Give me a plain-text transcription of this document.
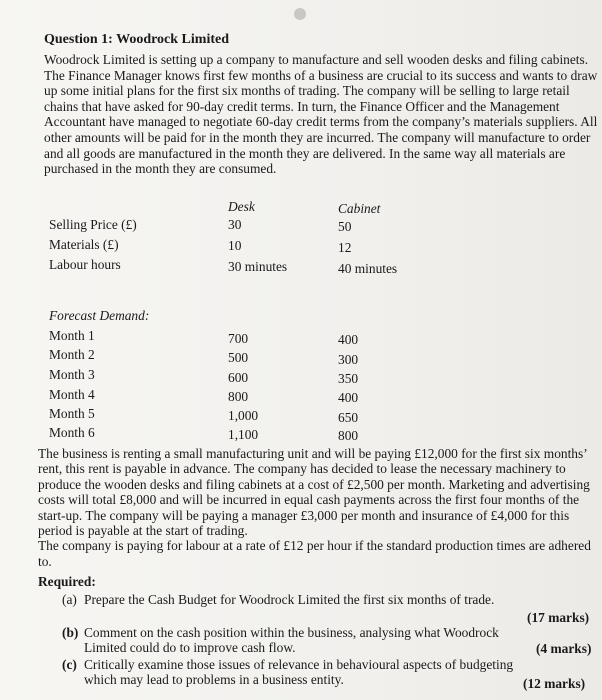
Question 1: Woodrock Limited
Woodrock Limited is setting up a company to manufacture and sell wooden desks and filing cabinets. The Finance Manager knows first few months of a business are crucial to its success and wants to draw up some initial plans for the first six months of trading. The company will be selling to large retail chains that have asked for 90-day credit terms. In turn, the Finance Officer and the Management Accountant have managed to negotiate 60-day credit terms from the company’s materials suppliers. All other amounts will be paid for in the month they are incurred. The company will manufacture to order and all goods are manufactured in the month they are delivered. In the same way all materials are purchased in the month they are consumed.
Desk	Cabinet
Selling Price (£)	30	50
Materials (£)	10	12
Labour hours	30 minutes	40 minutes
Forecast Demand:
Month 1	700	400
Month 2	500	300
Month 3	600	350
Month 4	800	400
Month 5	1,000	650
Month 6	1,100	800
The business is renting a small manufacturing unit and will be paying £12,000 for the first six months’ rent, this rent is payable in advance. The company has decided to lease the necessary machinery to produce the wooden desks and filing cabinets at a cost of £2,500 per month. Marketing and advertising costs will total £8,000 and will be incurred in equal cash payments across the first four months of the start-up. The company will be paying a manager £3,000 per month and insurance of £4,000 for this period is payable at the start of trading.
The company is paying for labour at a rate of £12 per hour if the standard production times are adhered to.
Required:
(a) Prepare the Cash Budget for Woodrock Limited the first six months of trade.
(17 marks)
(b) Comment on the cash position within the business, analysing what Woodrock Limited could do to improve cash flow.	(4 marks)
(c) Critically examine those issues of relevance in behavioural aspects of budgeting which may lead to problems in a business entity.	(12 marks)
